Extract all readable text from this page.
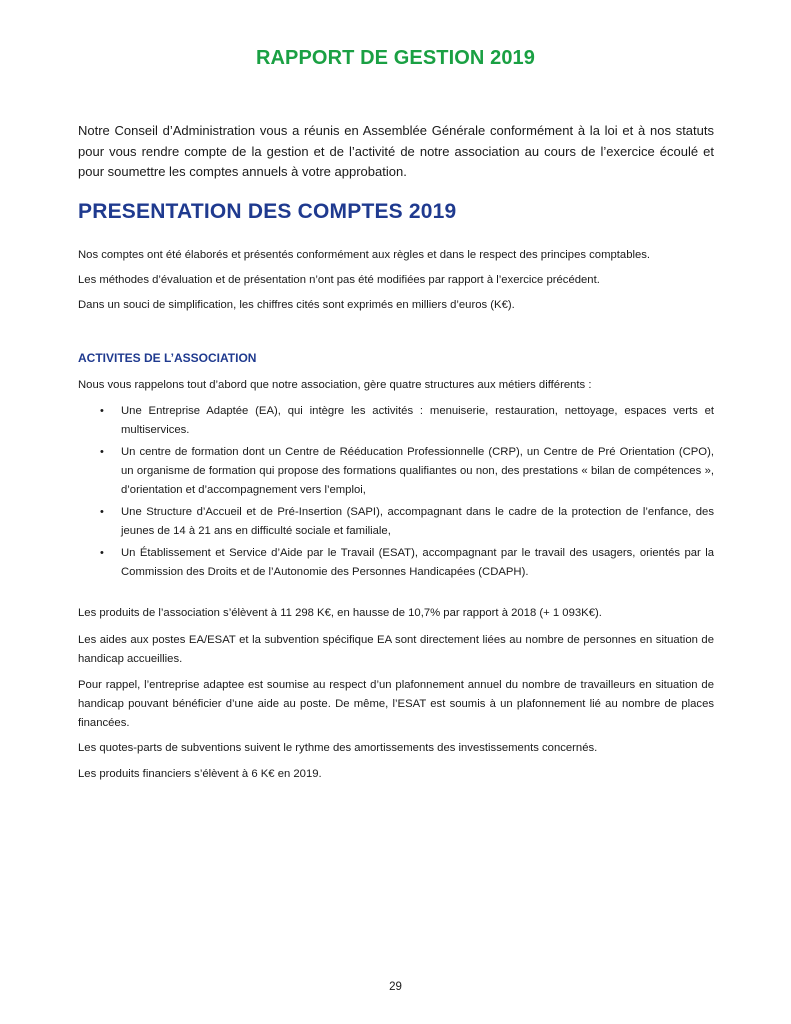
RAPPORT DE GESTION 2019

Notre Conseil d’Administration vous a réunis en Assemblée Générale conformément à la loi et à nos statuts pour vous rendre compte de la gestion et de l’activité de notre association au cours de l’exercice écoulé et pour soumettre les comptes annuels à votre approbation.

PRESENTATION DES COMPTES 2019

Nos comptes ont été élaborés et présentés conformément aux règles et dans le respect des principes comptables.

Les méthodes d’évaluation et de présentation n’ont pas été modifiées par rapport à l’exercice précédent.

Dans un souci de simplification, les chiffres cités sont exprimés en milliers d’euros (K€).

ACTIVITES DE L’ASSOCIATION

Nous vous rappelons tout d’abord que notre association, gère quatre structures aux métiers différents :

• Une Entreprise Adaptée (EA), qui intègre les activités : menuiserie, restauration, nettoyage, espaces verts et multiservices.
• Un centre de formation dont un Centre de Rééducation Professionnelle (CRP), un Centre de Pré Orientation (CPO), un organisme de formation qui propose des formations qualifiantes ou non, des prestations « bilan de compétences », d’orientation et d’accompagnement vers l’emploi,
• Une Structure d’Accueil et de Pré-Insertion (SAPI), accompagnant dans le cadre de la protection de l’enfance, des jeunes de 14 à 21 ans en difficulté sociale et familiale,
• Un Établissement et Service d’Aide par le Travail (ESAT), accompagnant par le travail des usagers, orientés par la Commission des Droits et de l’Autonomie des Personnes Handicapées (CDAPH).

Les produits de l’association s’élèvent à 11 298 K€, en hausse de 10,7% par rapport à 2018 (+ 1 093K€).

Les aides aux postes EA/ESAT et la subvention spécifique EA sont directement liées au nombre de personnes en situation de handicap accueillies.

Pour rappel, l’entreprise adaptee est soumise au respect d’un plafonnement annuel du nombre de travailleurs en situation de handicap pouvant bénéficier d’une aide au poste. De même, l’ESAT est soumis à un plafonnement lié au nombre de places financées.

Les quotes-parts de subventions suivent le rythme des amortissements des investissements concernés.

Les produits financiers s’élèvent à 6 K€ en 2019.

29
